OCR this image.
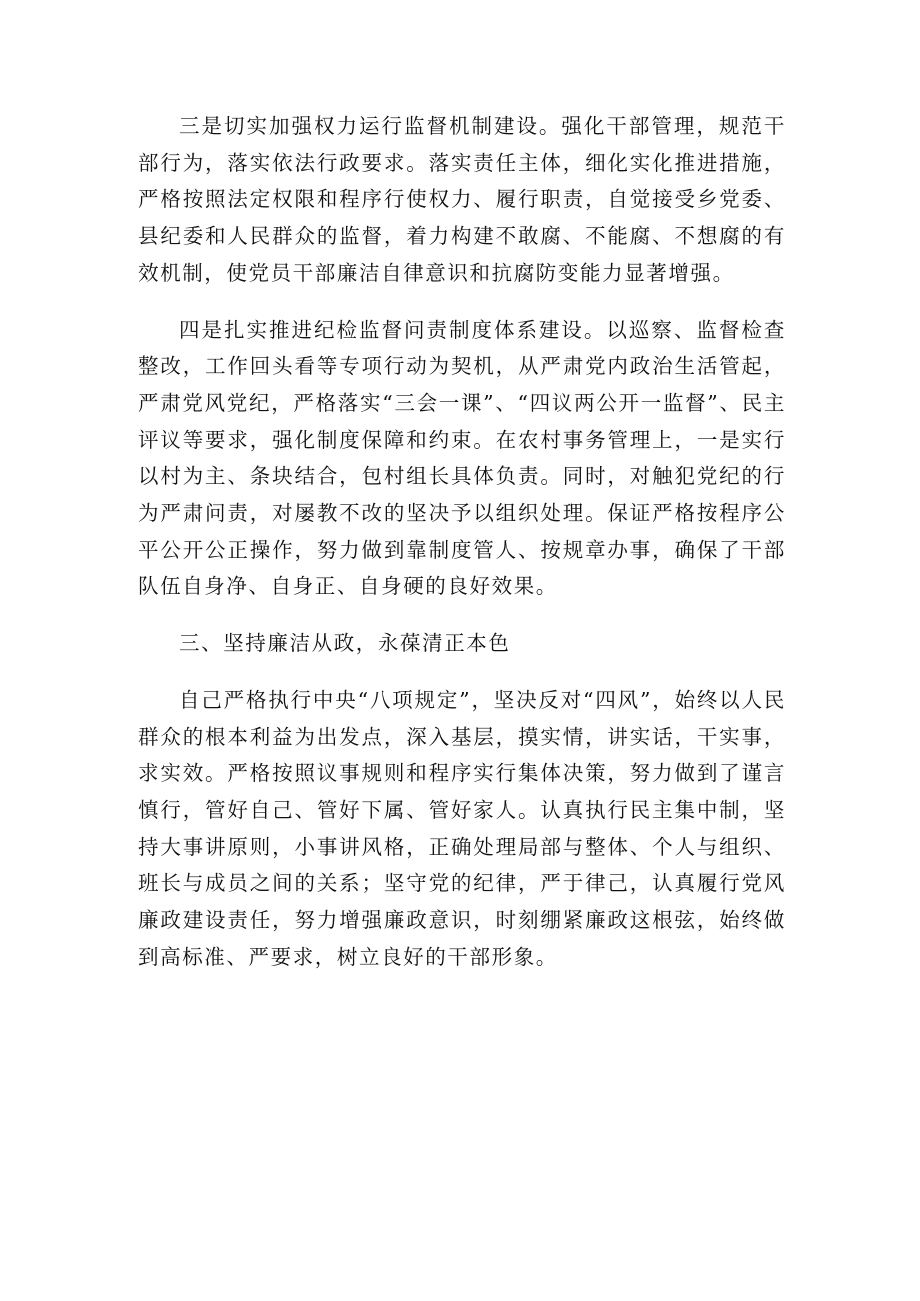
三是切实加强权力运行监督机制建设。强化干部管理，规范干部行为，落实依法行政要求。落实责任主体，细化实化推进措施，严格按照法定权限和程序行使权力、履行职责，自觉接受乡党委、县纪委和人民群众的监督，着力构建不敢腐、不能腐、不想腐的有效机制，使党员干部廉洁自律意识和抗腐防变能力显著增强。

四是扎实推进纪检监督问责制度体系建设。以巡察、监督检查整改，工作回头看等专项行动为契机，从严肃党内政治生活管起，严肃党风党纪，严格落实“三会一课”、“四议两公开一监督”、民主评议等要求，强化制度保障和约束。在农村事务管理上，一是实行以村为主、条块结合，包村组长具体负责。同时，对触犯党纪的行为严肃问责，对屡教不改的坚决予以组织处理。保证严格按程序公平公开公正操作，努力做到靠制度管人、按规章办事，确保了干部队伍自身净、自身正、自身硬的良好效果。

三、坚持廉洁从政，永葆清正本色

自己严格执行中央“八项规定”，坚决反对“四风”，始终以人民群众的根本利益为出发点，深入基层，摸实情，讲实话，干实事，求实效。严格按照议事规则和程序实行集体决策，努力做到了谨言慎行，管好自己、管好下属、管好家人。认真执行民主集中制，坚持大事讲原则，小事讲风格，正确处理局部与整体、个人与组织、班长与成员之间的关系；坚守党的纪律，严于律己，认真履行党风廉政建设责任，努力增强廉政意识，时刻绷紧廉政这根弦，始终做到高标准、严要求，树立良好的干部形象。
